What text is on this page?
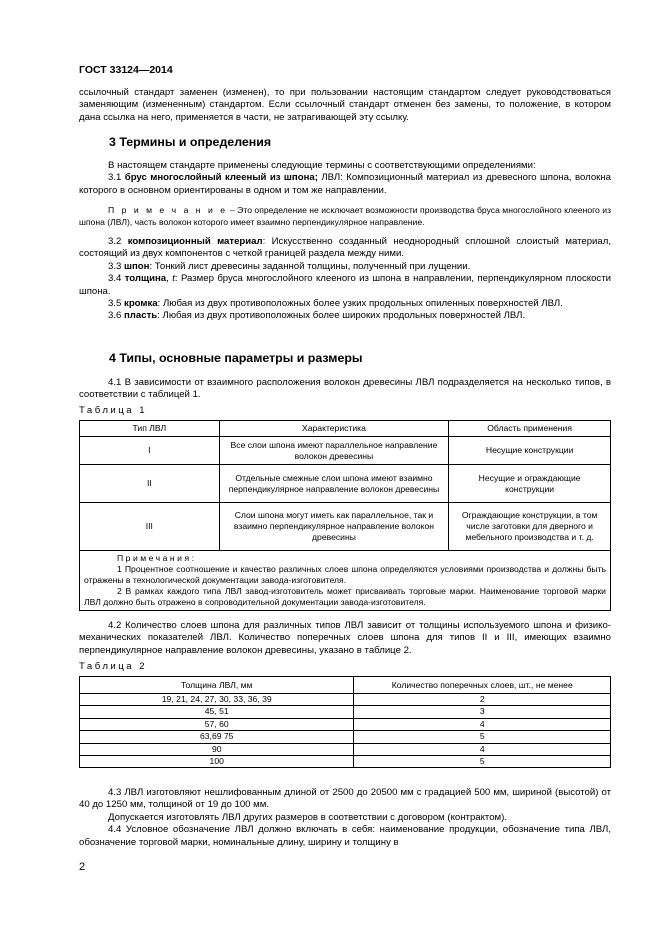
ГОСТ 33124—2014

ссылочный стандарт заменен (изменен), то при пользовании настоящим стандартом следует руководствоваться заменяющим (измененным) стандартом. Если ссылочный стандарт отменен без замены, то положение, в котором дана ссылка на него, применяется в части, не затрагивающей эту ссылку.

3 Термины и определения

В настоящем стандарте применены следующие термины с соответствующими определениями:

3.1 брус многослойный клееный из шпона; ЛВЛ: Композиционный материал из древесного шпона, волокна которого в основном ориентированы в одном и том же направлении.

П р и м е ч а н и е – Это определение не исключает возможности производства бруса многослойного клееного из шпона (ЛВЛ), часть волокон которого имеет взаимно перпендикулярное направление.

3.2 композиционный материал: Искусственно созданный неоднородный сплошной слоистый материал, состоящий из двух компонентов с четкой границей раздела между ними.

3.3 шпон: Тонкий лист древесины заданной толщины, полученный при лущении.

3.4 толщина, t: Размер бруса многослойного клееного из шпона в направлении, перпендикулярном плоскости шпона.

3.5 кромка: Любая из двух противоположных более узких продольных опиленных поверхностей ЛВЛ.

3.6 пласть: Любая из двух противоположных более широких продольных поверхностей ЛВЛ.

4 Типы, основные параметры и размеры

4.1 В зависимости от взаимного расположения волокон древесины ЛВЛ подразделяется на несколько типов, в соответствии с таблицей 1.

Таблица 1
Тип ЛВЛ	Характеристика	Область применения
I	Все слои шпона имеют параллельное направление волокон древесины	Несущие конструкции
II	Отдельные смежные слои шпона имеют взаимно перпендикулярное направление волокон древесины	Несущие и ограждающие конструкции
III	Слои шпона могут иметь как параллельное, так и взаимно перпендикулярное направление волокон древесины	Ограждающие конструкции, в том числе заготовки для дверного и мебельного производства и т. д.

Примечания:
1 Процентное соотношение и качество различных слоев шпона определяются условиями производства и должны быть отражены в технологической документации завода-изготовителя.
2 В рамках каждого типа ЛВЛ завод-изготовитель может присваивать торговые марки. Наименование торговой марки ЛВЛ должно быть отражено в сопроводительной документации завода-изготовителя.		

4.2 Количество слоев шпона для различных типов ЛВЛ зависит от толщины используемого шпона и физико-механических показателей ЛВЛ. Количество поперечных слоев шпона для типов II и III, имеющих взаимно перпендикулярное направление волокон древесины, указано в таблице 2.

Таблица 2
Толщина ЛВЛ, мм	Количество поперечных слоев, шт., не менее
19, 21, 24, 27, 30, 33, 36, 39	2
45, 51	3
57, 60	4
63,69 75	5
90	4
100	5

4.3 ЛВЛ изготовляют нешлифованным длиной от 2500 до 20500 мм с градацией 500 мм, шириной (высотой) от 40 до 1250 мм, толщиной от 19 до 100 мм.

Допускается изготовлять ЛВЛ других размеров в соответствии с договором (контрактом).

4.4 Условное обозначение ЛВЛ должно включать в себя: наименование продукции, обозначение типа ЛВЛ, обозначение торговой марки, номинальные длину, ширину и толщину в

2
